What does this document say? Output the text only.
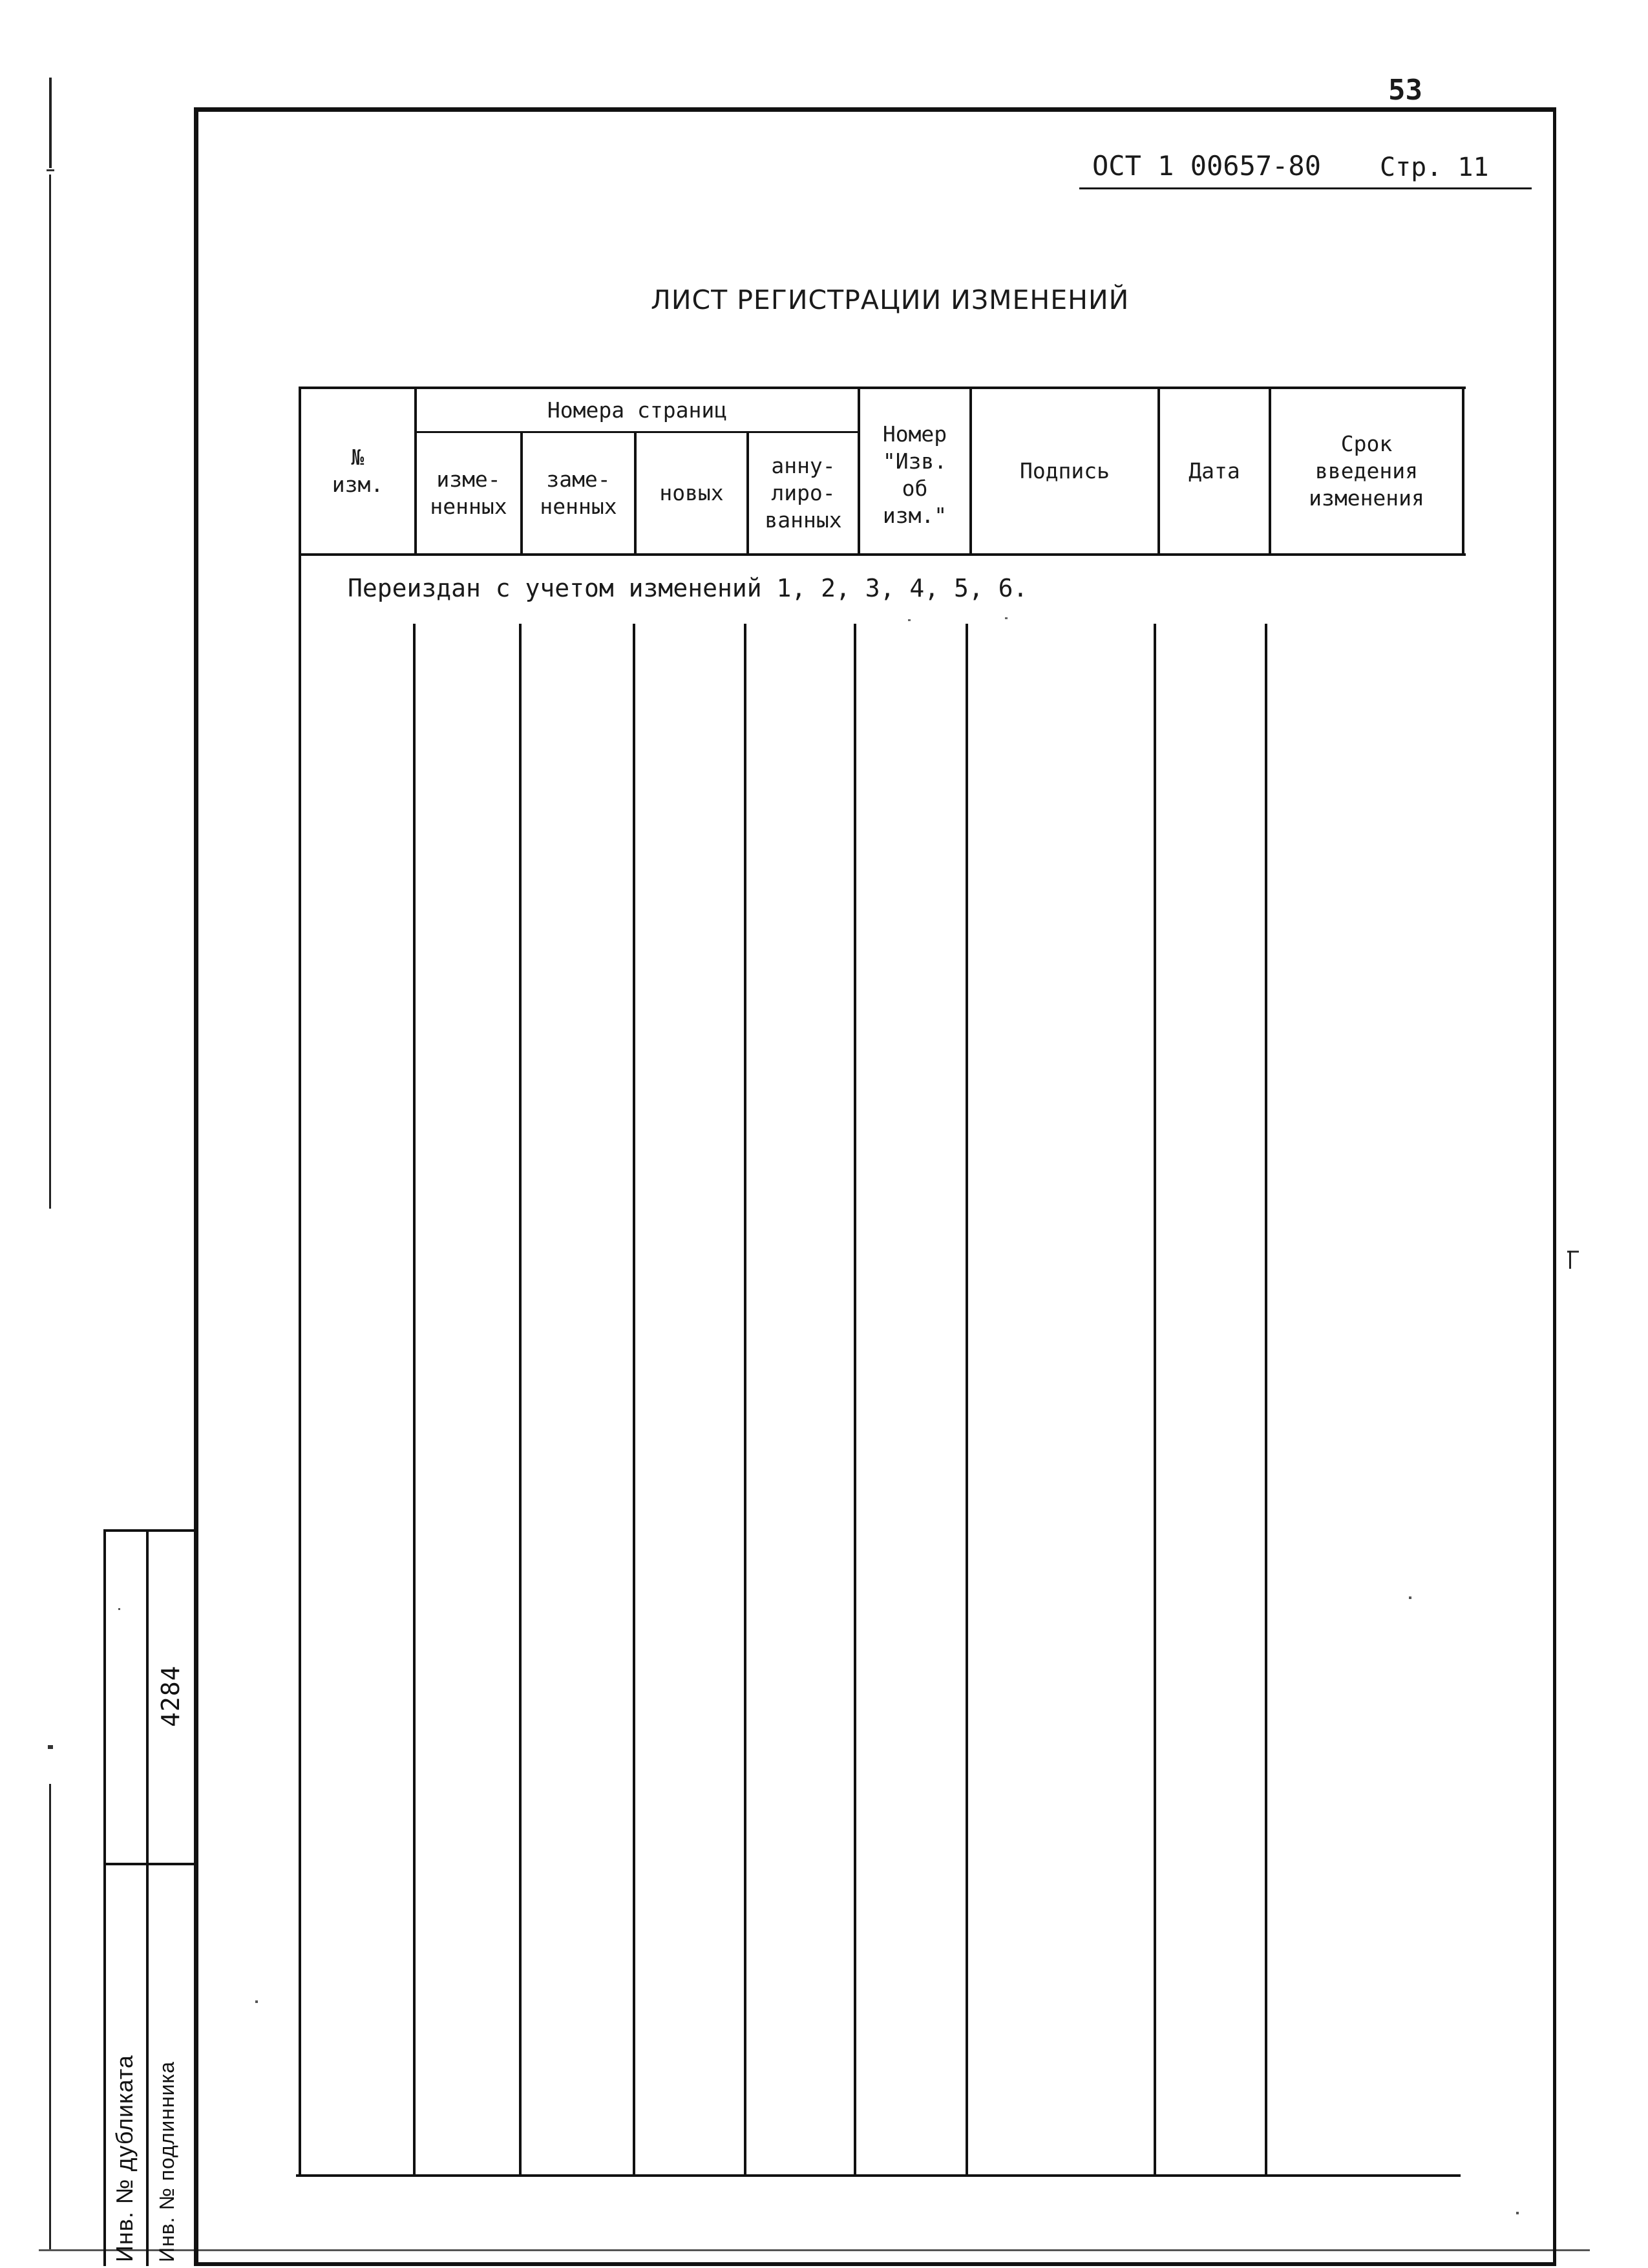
53
ОСТ 1 00657-80 Стр. 11
ЛИСТ РЕГИСТРАЦИИ ИЗМЕНЕНИЙ
№
изм.
Номера страниц
изме-
ненных
заме-
ненных
новых
анну-
лиро-
ванных
Номер
"Изв.
об
изм."
Подпись	Дата
Срок
введения
изменения
Переиздан с учетом изменений 1, 2, 3, 4, 5, 6.
Инв. № дубликата Инв. № подлинника
4284
